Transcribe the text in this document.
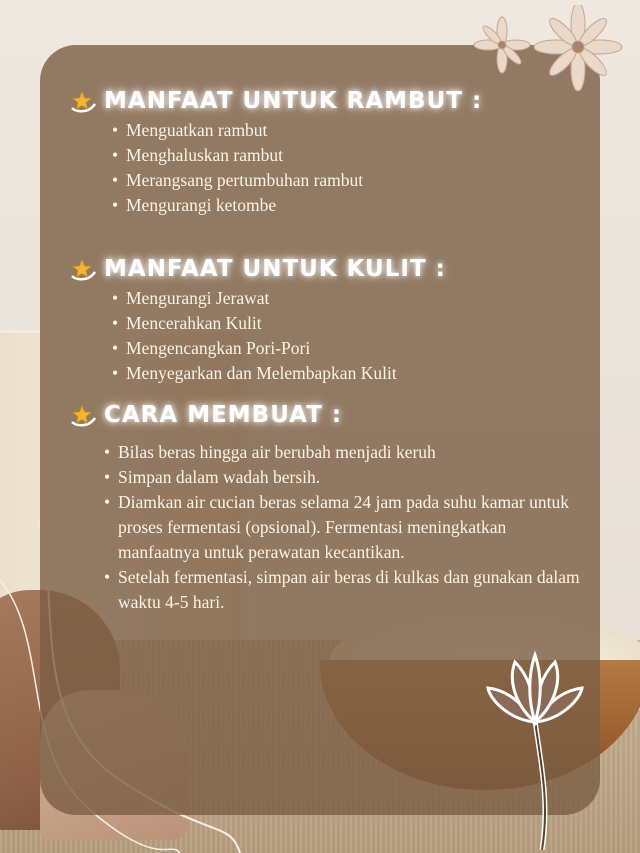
MANFAAT UNTUK RAMBUT :
• Menguatkan rambut
• Menghaluskan rambut
• Merangsang pertumbuhan rambut
• Mengurangi ketombe
MANFAAT UNTUK KULIT :
• Mengurangi Jerawat
• Mencerahkan Kulit
• Mengencangkan Pori-Pori
• Menyegarkan dan Melembapkan Kulit
CARA MEMBUAT :
• Bilas beras hingga air berubah menjadi keruh
• Simpan dalam wadah bersih.
• Diamkan air cucian beras selama 24 jam pada suhu kamar untuk proses fermentasi (opsional). Fermentasi meningkatkan manfaatnya untuk perawatan kecantikan.
• Setelah fermentasi, simpan air beras di kulkas dan gunakan dalam waktu 4-5 hari.
